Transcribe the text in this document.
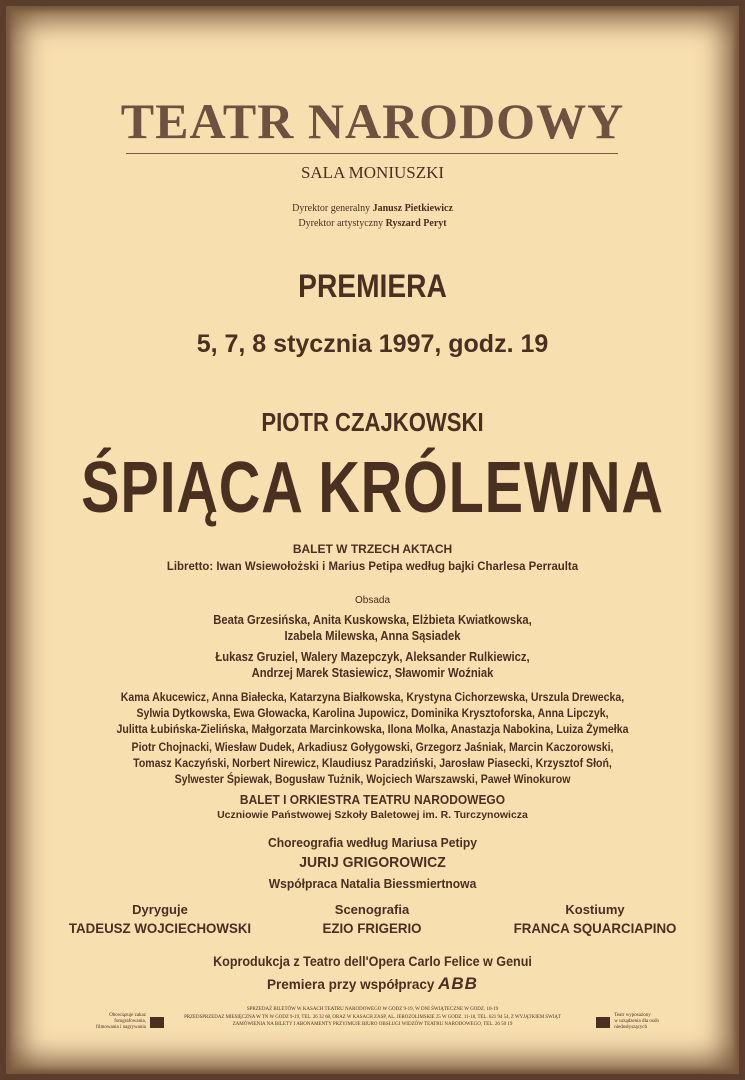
TEATR NARODOWY
SALA MONIUSZKI
Dyrektor generalny Janusz Pietkiewicz
Dyrektor artystyczny Ryszard Peryt
PREMIERA
5, 7, 8 stycznia 1997, godz. 19
PIOTR CZAJKOWSKI
ŚPIĄCA KRÓLEWNA
BALET W TRZECH AKTACH
Libretto: Iwan Wsiewołożski i Marius Petipa według bajki Charlesa Perraulta
Obsada
Beata Grzesińska, Anita Kuskowska, Elżbieta Kwiatkowska,
Izabela Milewska, Anna Sąsiadek
Łukasz Gruziel, Walery Mazepczyk, Aleksander Rulkiewicz,
Andrzej Marek Stasiewicz, Sławomir Woźniak
Kama Akucewicz, Anna Białecka, Katarzyna Białkowska, Krystyna Cichorzewska, Urszula Drewecka,
Sylwia Dytkowska, Ewa Głowacka, Karolina Jupowicz, Dominika Krysztoforska, Anna Lipczyk,
Julitta Łubińska-Zielińska, Małgorzata Marcinkowska, Ilona Molka, Anastazja Nabokina, Luiza Żymełka
Piotr Chojnacki, Wiesław Dudek, Arkadiusz Gołygowski, Grzegorz Jaśniak, Marcin Kaczorowski,
Tomasz Kaczyński, Norbert Nirewicz, Klaudiusz Paradziński, Jarosław Piasecki, Krzysztof Słoń,
Sylwester Śpiewak, Bogusław Tużnik, Wojciech Warszawski, Paweł Winokurow
BALET I ORKIESTRA TEATRU NARODOWEGO
Uczniowie Państwowej Szkoły Baletowej im. R. Turczynowicza
Choreografia według Mariusa Petipy
JURIJ GRIGOROWICZ
Współpraca Natalia Biessmiertnowa
Dyryguje
TADEUSZ WOJCIECHOWSKI
Scenografia
EZIO FRIGERIO
Kostiumy
FRANCA SQUARCIAPINO
Koprodukcja z Teatro dell'Opera Carlo Felice w Genui
Premiera przy współpracy ABB
SPRZEDAŻ BILETÓW W KASACH TEATRU NARODOWEGO W GODZ 9-19, W DNI ŚWIĄTECZNE W GODZ. 10-19
PRZEDSPRZEDAŻ MIESIĘCZNA W TN W GODZ 9-19, TEL. 26 32 68, ORAZ W KASACH ZASP, AL. JEROZOLIMSKIE 25 W GODZ. 11-18, TEL. 621 94 54, Z WYJĄTKIEM ŚWIĄT
ZAMÓWIENIA NA BILETY I ABONAMENTY PRZYJMUJE BIURO OBSŁUGI WIDZÓW TEATRU NARODOWEGO, TEL. 26 50 19
Obowiązuje zakaz
fotografowania,
filmowania i nagrywania

Teatr wyposażony
w urządzenia dla osób
niedosłyszących
